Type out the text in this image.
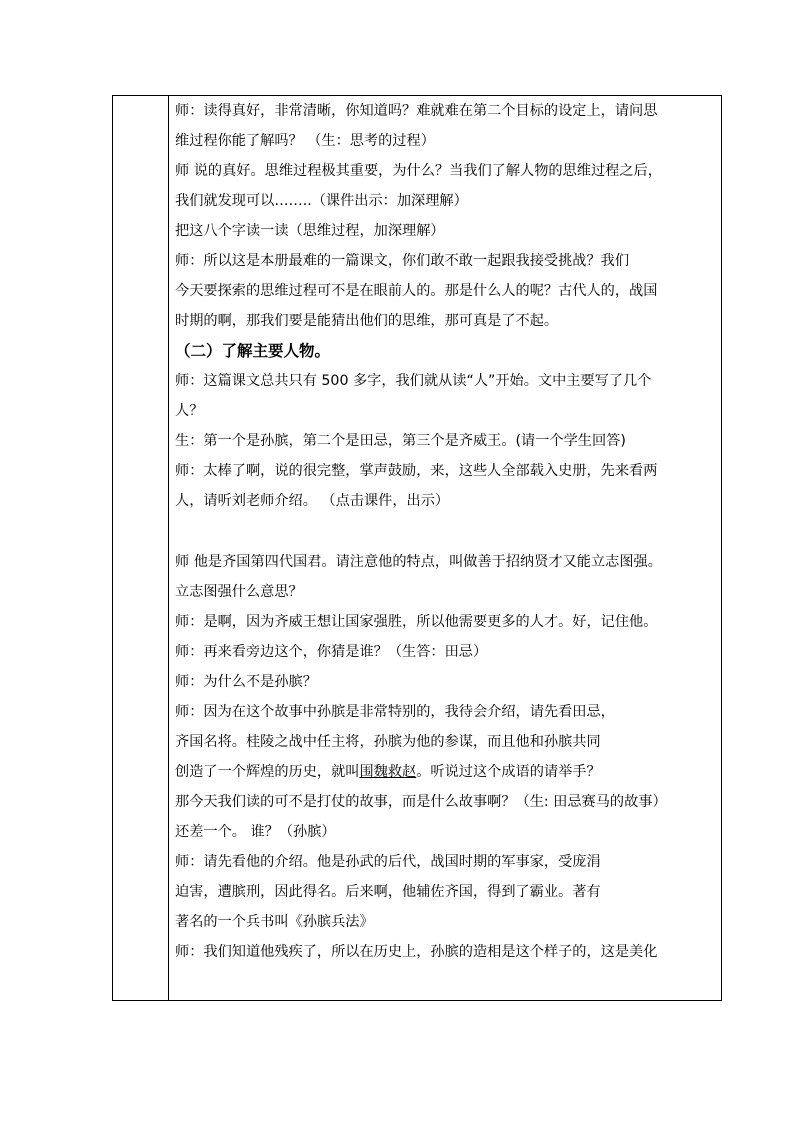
师：读得真好，非常清晰，你知道吗？难就难在第二个目标的设定上，请问思
维过程你能了解吗？ （生：思考的过程）
师 说的真好。思维过程极其重要，为什么？当我们了解人物的思维过程之后，
我们就发现可以……..（课件出示：加深理解）
把这八个字读一读（思维过程，加深理解）
师：所以这是本册最难的一篇课文，你们敢不敢一起跟我接受挑战？我们
今天要探索的思维过程可不是在眼前人的。那是什么人的呢？古代人的，战国
时期的啊，那我们要是能猜出他们的思维，那可真是了不起。
（二）了解主要人物。
师：这篇课文总共只有 500 多字，我们就从读“人”开始。文中主要写了几个
人？
生：第一个是孙膑，第二个是田忌，第三个是齐威王。(请一个学生回答)
师：太棒了啊，说的很完整，掌声鼓励，来，这些人全部载入史册，先来看两
人，请听刘老师介绍。 （点击课件，出示）
师 他是齐国第四代国君。请注意他的特点，叫做善于招纳贤才又能立志图强。
立志图强什么意思？
师：是啊，因为齐威王想让国家强胜，所以他需要更多的人才。好，记住他。
师：再来看旁边这个，你猜是谁？（生答：田忌）
师：为什么不是孙膑？
师：因为在这个故事中孙膑是非常特别的，我待会介绍，请先看田忌，
齐国名将。桂陵之战中任主将，孙膑为他的参谋，而且他和孙膑共同
创造了一个辉煌的历史，就叫围魏救赵。听说过这个成语的请举手？
那今天我们读的可不是打仗的故事，而是什么故事啊？（生: 田忌赛马的故事）
还差一个。 谁？（孙膑）
师：请先看他的介绍。他是孙武的后代，战国时期的军事家，受庞涓
迫害，遭膑刑，因此得名。后来啊，他辅佐齐国，得到了霸业。著有
著名的一个兵书叫《孙膑兵法》
师：我们知道他残疾了，所以在历史上，孙膑的造相是这个样子的，这是美化
